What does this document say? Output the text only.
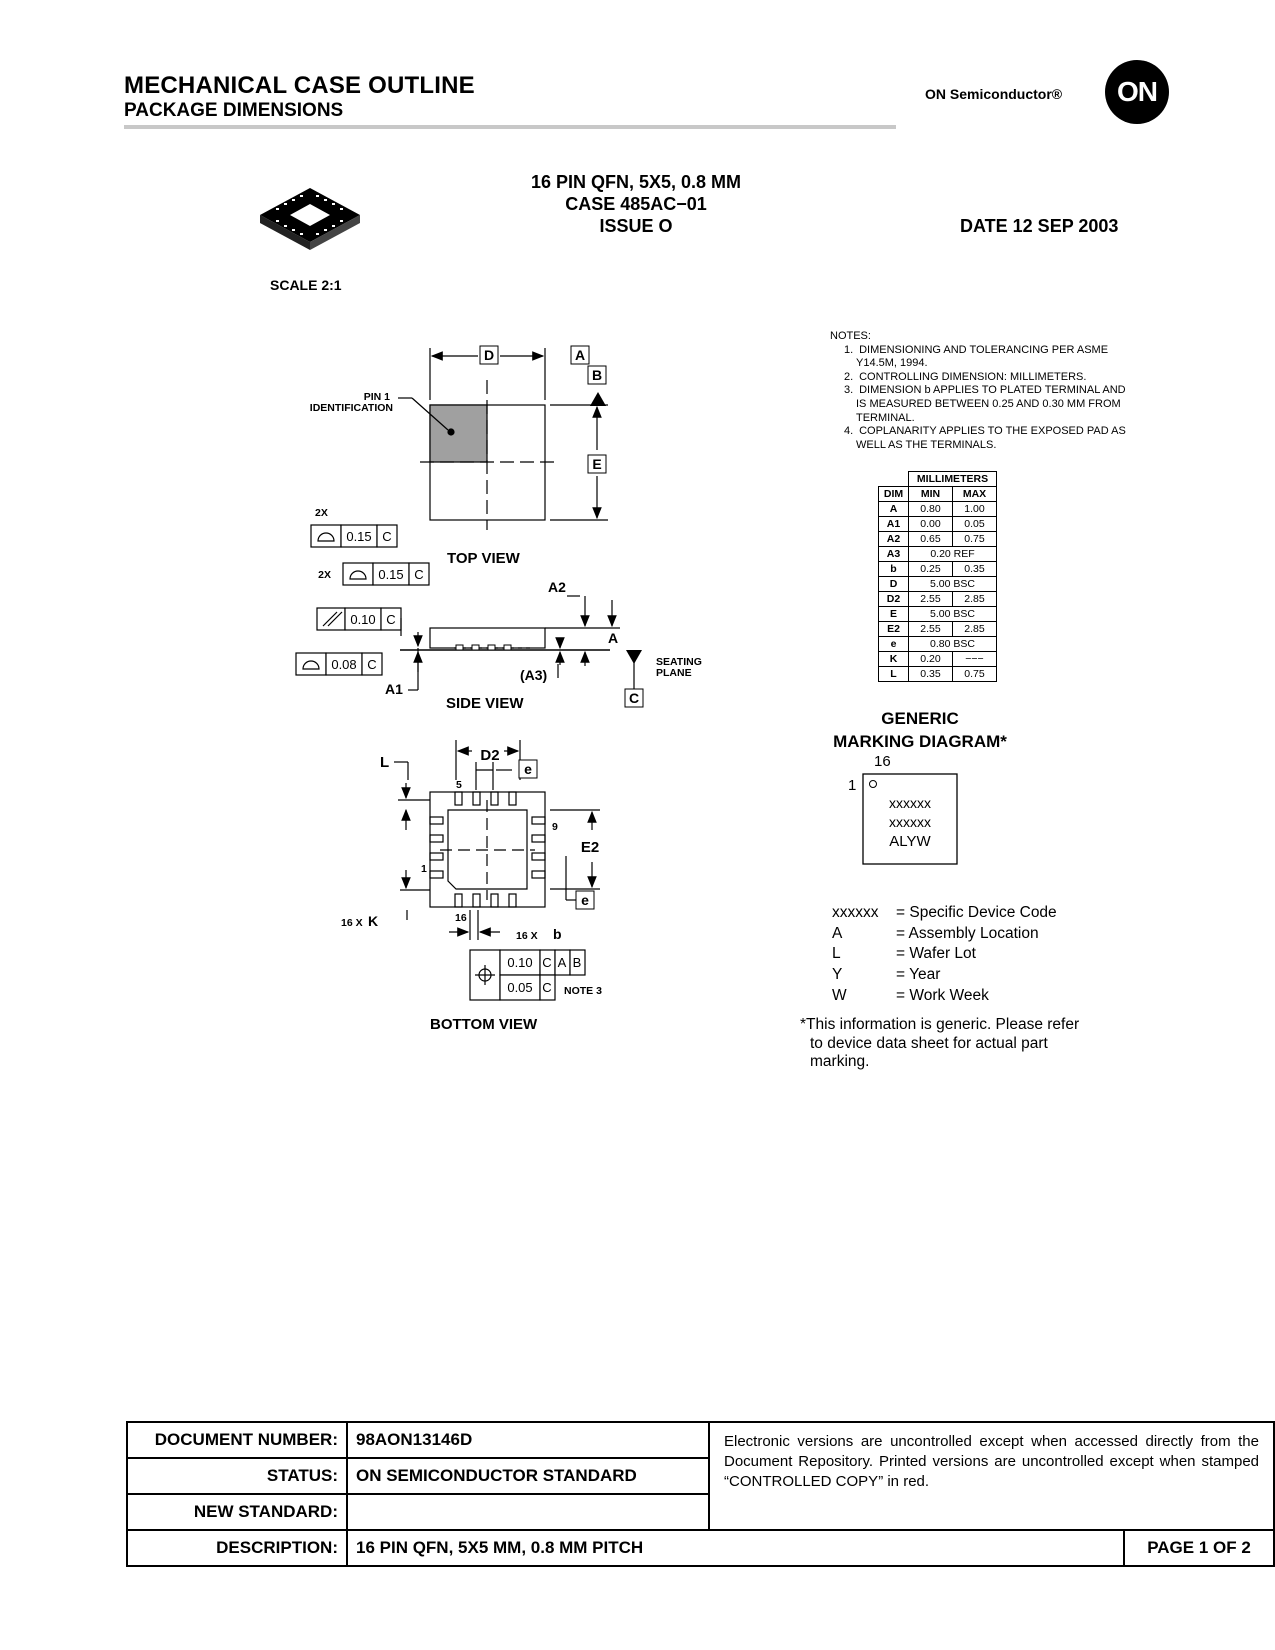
MECHANICAL CASE OUTLINE
PACKAGE DIMENSIONS
ON Semiconductor®	ON
16 PIN QFN, 5X5, 0.8 MM
CASE 485AC−01
ISSUE O	DATE 12 SEP 2003
SCALE 2:1
D	A
B
E
PIN 1
IDENTIFICATION
2X
0.15 C
2X	0.15 C
0.10 C
0.08 C
TOP VIEW
C
A2
A
(A3)
A1
SEATING
PLANE
SIDE VIEW
D2
e
e
E2
L
5
9
1
16
16 X K
16 X b
0.10 C A B
0.05 C NOTE 3
BOTTOM VIEW
NOTES:
1. DIMENSIONING AND TOLERANCING PER ASME Y14.5M, 1994.
2. CONTROLLING DIMENSION: MILLIMETERS.
3. DIMENSION b APPLIES TO PLATED TERMINAL AND IS MEASURED BETWEEN 0.25 AND 0.30 MM FROM TERMINAL.
4. COPLANARITY APPLIES TO THE EXPOSED PAD AS WELL AS THE TERMINALS.
	MILLIMETERS	
DIM	MIN	MAX
A	0.80	1.00
A1	0.00	0.05
A2	0.65	0.75
A3	0.20 REF	
b	0.25	0.35
D	5.00 BSC	
D2	2.55	2.85
E	5.00 BSC	
E2	2.55	2.85
e	0.80 BSC	
K	0.20	−−−
L	0.35	0.75
GENERIC
MARKING DIAGRAM*
16
1
xxxxxx
xxxxxx
ALYW
xxxxxx	= Specific Device Code
A	= Assembly Location
L	= Wafer Lot
Y	= Year
W	= Work Week
*This information is generic. Please refer
to device data sheet for actual part
marking.
DOCUMENT NUMBER:	98AON13146D	Electronic versions are uncontrolled except when accessed directly from the Document Repository. Printed versions are uncontrolled except when stamped “CONTROLLED COPY” in red.	
STATUS:	ON SEMICONDUCTOR STANDARD		
NEW STANDARD:			
DESCRIPTION:	16 PIN QFN, 5X5 MM, 0.8 MM PITCH		PAGE 1 OF 2
